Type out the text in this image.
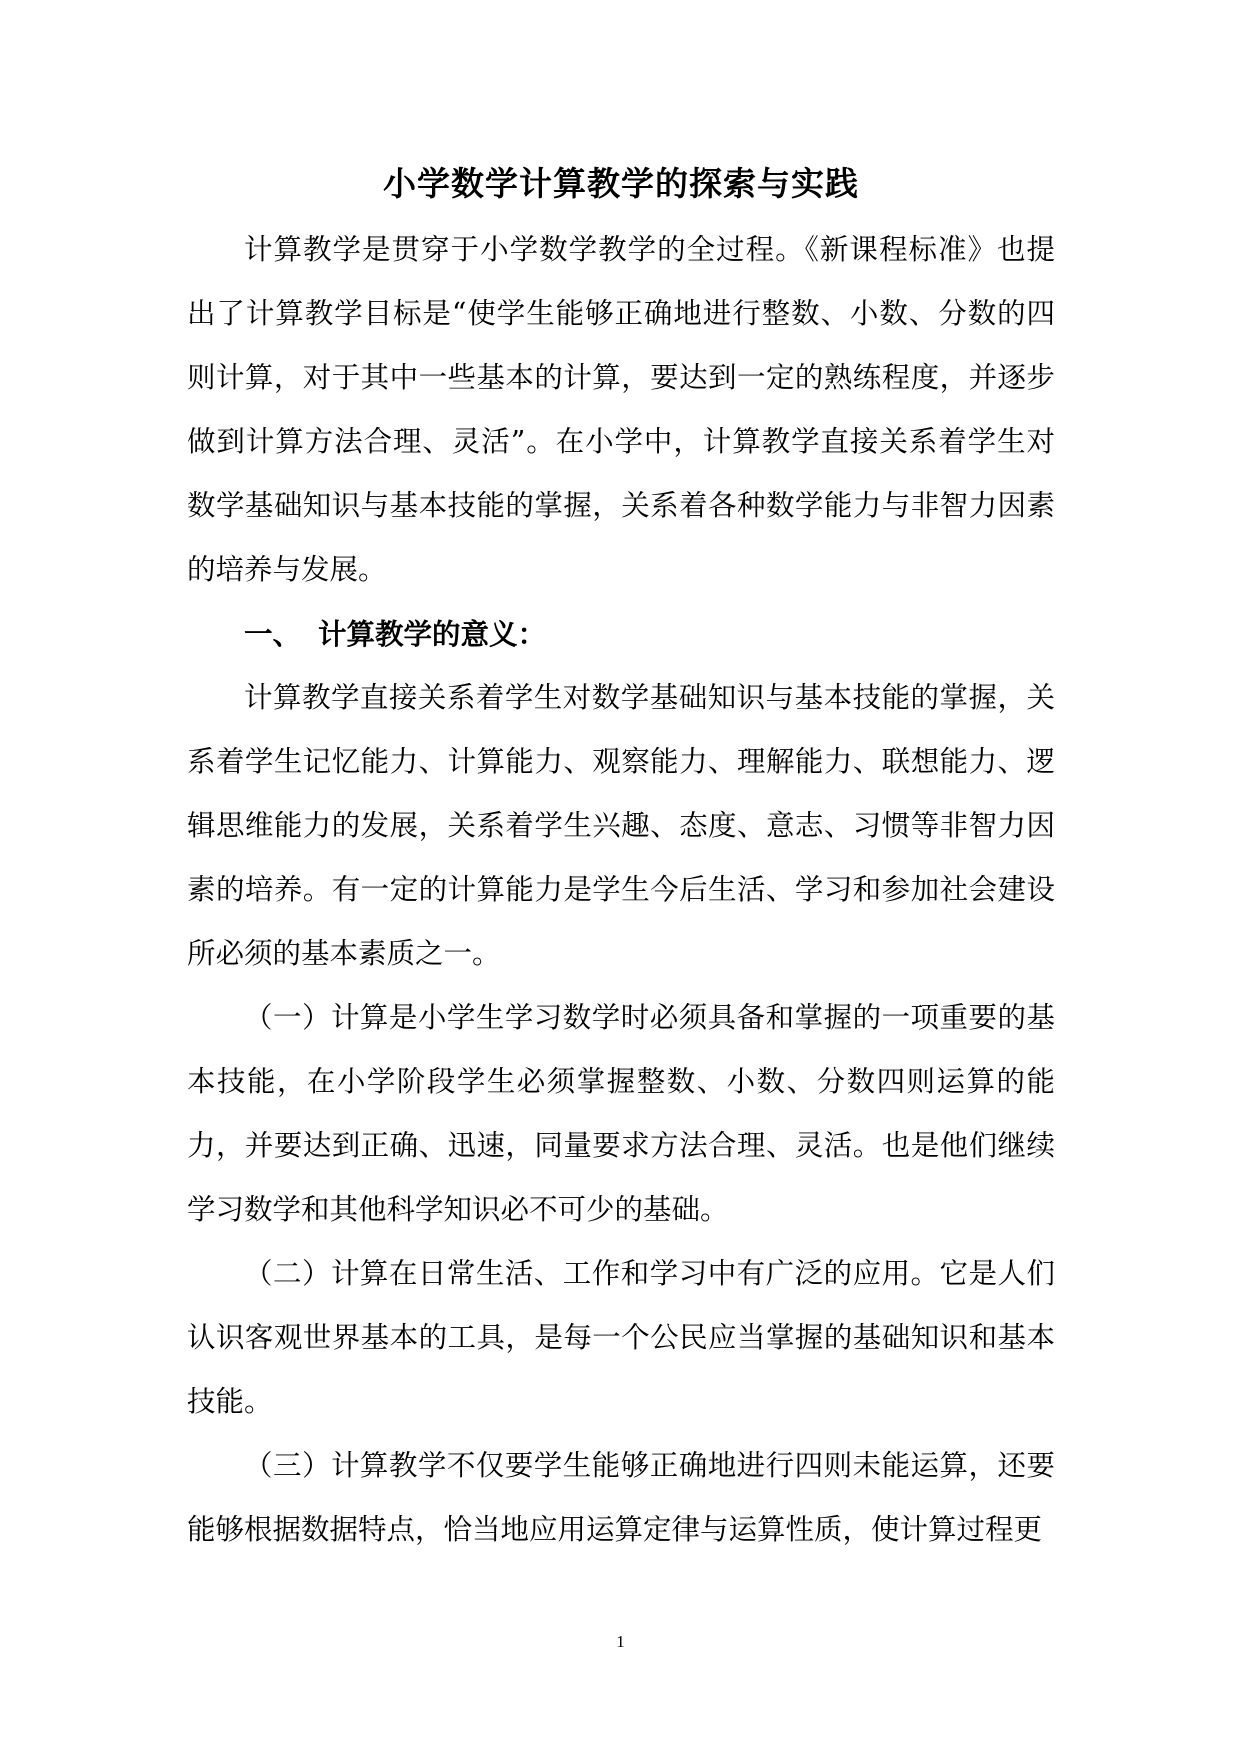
小学数学计算教学的探索与实践

计算教学是贯穿于小学数学教学的全过程。《新课程标准》也提出了计算教学目标是“使学生能够正确地进行整数、小数、分数的四则计算，对于其中一些基本的计算，要达到一定的熟练程度，并逐步做到计算方法合理、灵活”。在小学中，计算教学直接关系着学生对数学基础知识与基本技能的掌握，关系着各种数学能力与非智力因素的培养与发展。

一、 计算教学的意义：

计算教学直接关系着学生对数学基础知识与基本技能的掌握，关系着学生记忆能力、计算能力、观察能力、理解能力、联想能力、逻辑思维能力的发展，关系着学生兴趣、态度、意志、习惯等非智力因素的培养。有一定的计算能力是学生今后生活、学习和参加社会建设所必须的基本素质之一。

（一）计算是小学生学习数学时必须具备和掌握的一项重要的基本技能，在小学阶段学生必须掌握整数、小数、分数四则运算的能力，并要达到正确、迅速，同量要求方法合理、灵活。也是他们继续学习数学和其他科学知识必不可少的基础。

（二）计算在日常生活、工作和学习中有广泛的应用。它是人们认识客观世界基本的工具，是每一个公民应当掌握的基础知识和基本技能。

（三）计算教学不仅要学生能够正确地进行四则未能运算，还要能够根据数据特点，恰当地应用运算定律与运算性质，使计算过程更

1
